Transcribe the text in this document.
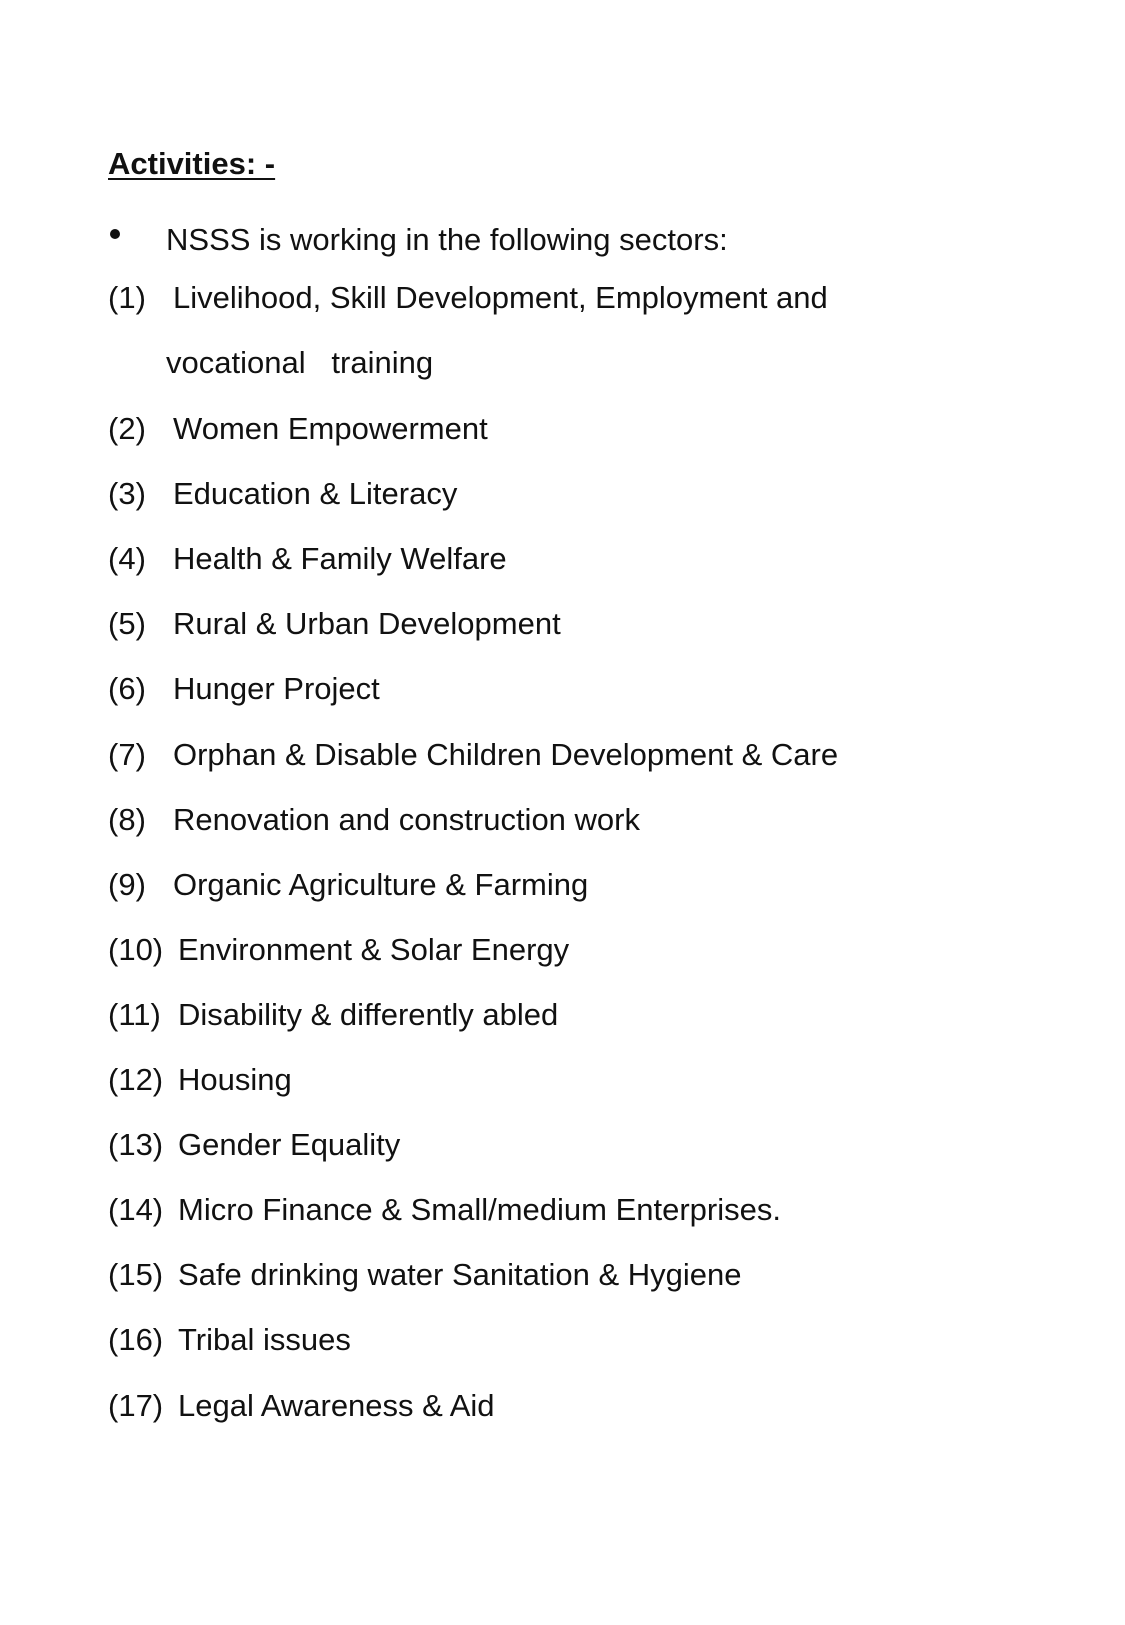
Activities: -
NSSS is working in the following sectors:
(1) Livelihood, Skill Development, Employment and
vocational   training
(2) Women Empowerment
(3) Education & Literacy
(4) Health & Family Welfare
(5) Rural & Urban Development
(6) Hunger Project
(7) Orphan & Disable Children Development & Care
(8) Renovation and construction work
(9) Organic Agriculture & Farming
(10) Environment & Solar Energy
(11) Disability & differently abled
(12) Housing
(13) Gender Equality
(14) Micro Finance & Small/medium Enterprises.
(15) Safe drinking water Sanitation & Hygiene
(16) Tribal issues
(17) Legal Awareness & Aid
